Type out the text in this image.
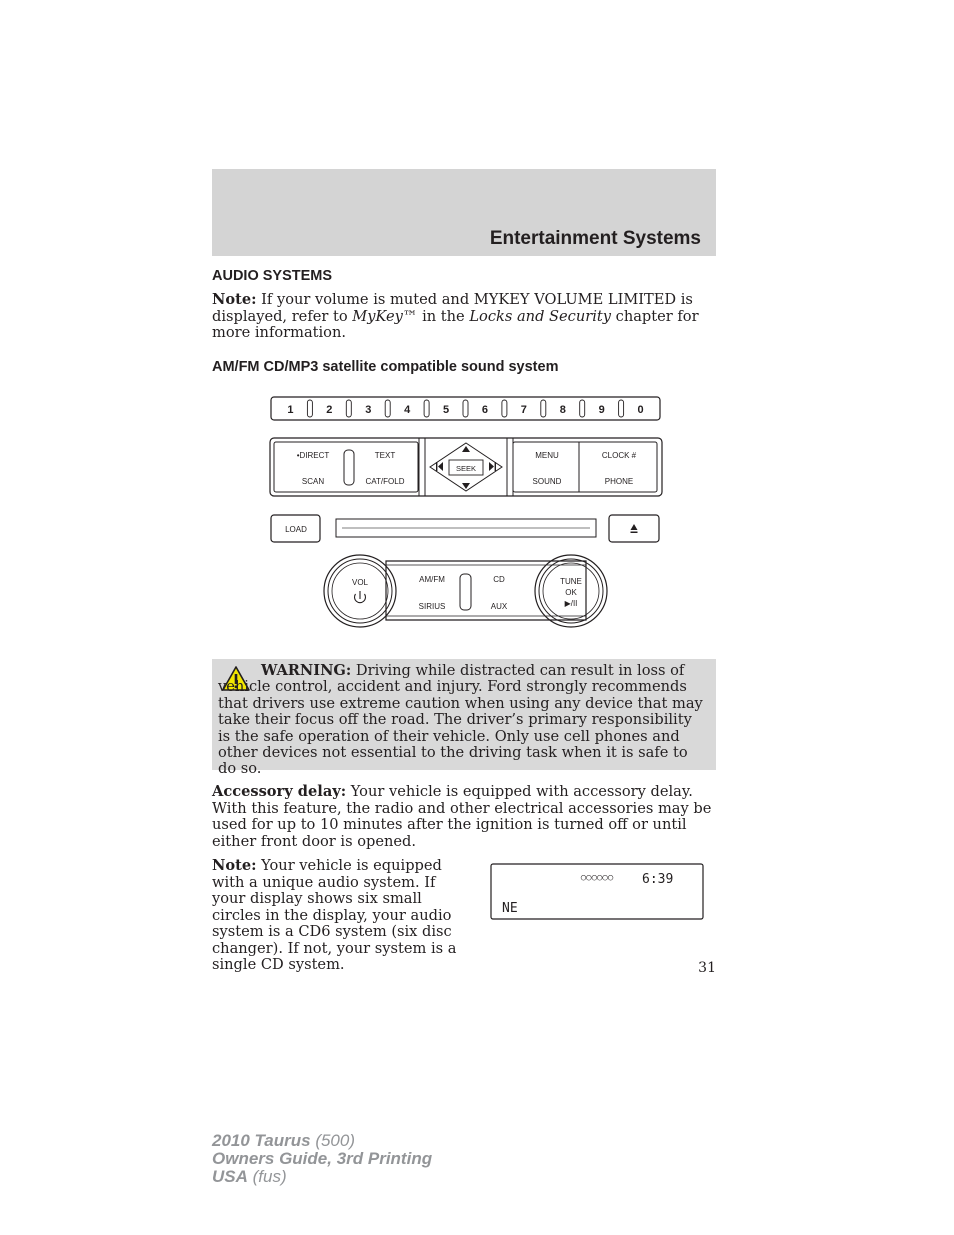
Entertainment Systems
AUDIO SYSTEMS

Note: If your volume is muted and MYKEY VOLUME LIMITED is displayed, refer to MyKey™ in the Locks and Security chapter for more information.

AM/FM CD/MP3 satellite compatible sound system
1	2	3	4	5	6	7	8	9	0
•DIRECT	TEXT
SCAN	CAT/FOLD
MENU	CLOCK #
SOUND	PHONE
SEEK
LOAD
AM/FM	CD
SIRIUS	AUX
VOL	TUNE
OK
▶/II

WARNING: Driving while distracted can result in loss of vehicle control, accident and injury. Ford strongly recommends that drivers use extreme caution when using any device that may take their focus off the road. The driver’s primary responsibility is the safe operation of their vehicle. Only use cell phones and other devices not essential to the driving task when it is safe to do so.

Accessory delay: Your vehicle is equipped with accessory delay. With this feature, the radio and other electrical accessories may be used for up to 10 minutes after the ignition is turned off or until either front door is opened.

Note: Your vehicle is equipped with a unique audio system. If your display shows six small circles in the display, your audio system is a CD6 system (six disc changer). If not, your system is a single CD system.

○○○○○○ 6:39
NE
31
2010 Taurus (500)
Owners Guide, 3rd Printing
USA (fus)
